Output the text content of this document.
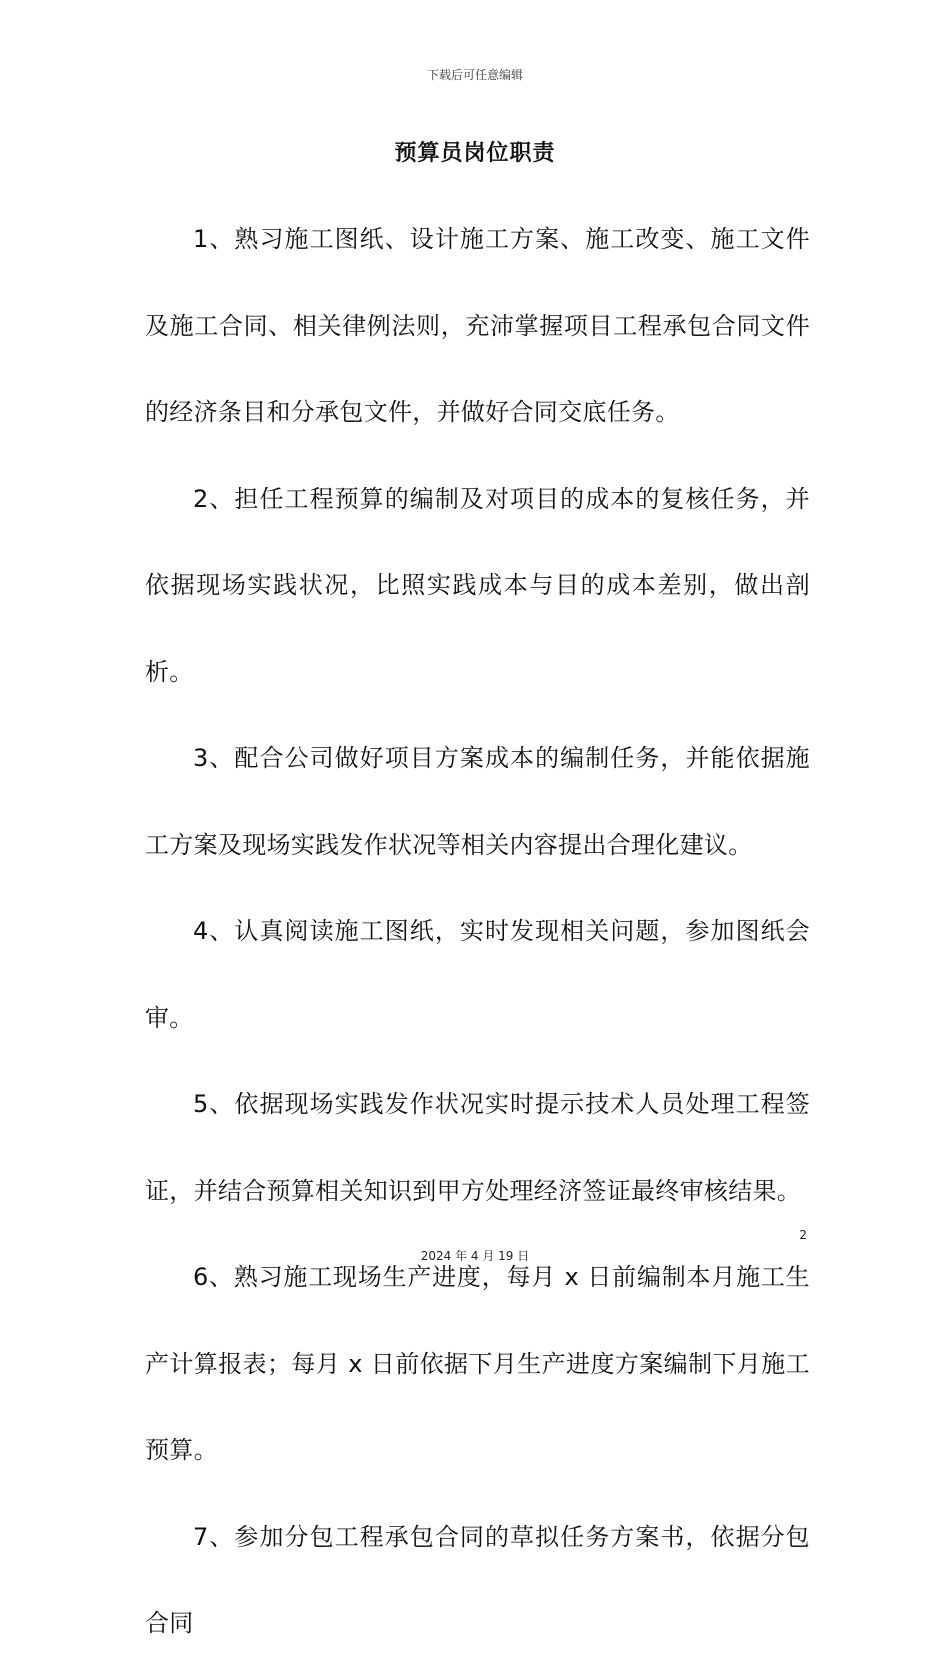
下载后可任意编辑
预算员岗位职责

1、熟习施工图纸、设计施工方案、施工改变、施工文件及施工合同、相关律例法则，充沛掌握项目工程承包合同文件的经济条目和分承包文件，并做好合同交底任务。

2、担任工程预算的编制及对项目的成本的复核任务，并依据现场实践状况，比照实践成本与目的成本差别，做出剖析。

3、配合公司做好项目方案成本的编制任务，并能依据施工方案及现场实践发作状况等相关内容提出合理化建议。

4、认真阅读施工图纸，实时发现相关问题，参加图纸会审。

5、依据现场实践发作状况实时提示技术人员处理工程签证，并结合预算相关知识到甲方处理经济签证最终审核结果。

6、熟习施工现场生产进度，每月 x 日前编制本月施工生产计算报表；每月 x 日前依据下月生产进度方案编制下月施工预算。

7、参加分包工程承包合同的草拟任务方案书，依据分包合同

2
2024 年 4 月 19 日
